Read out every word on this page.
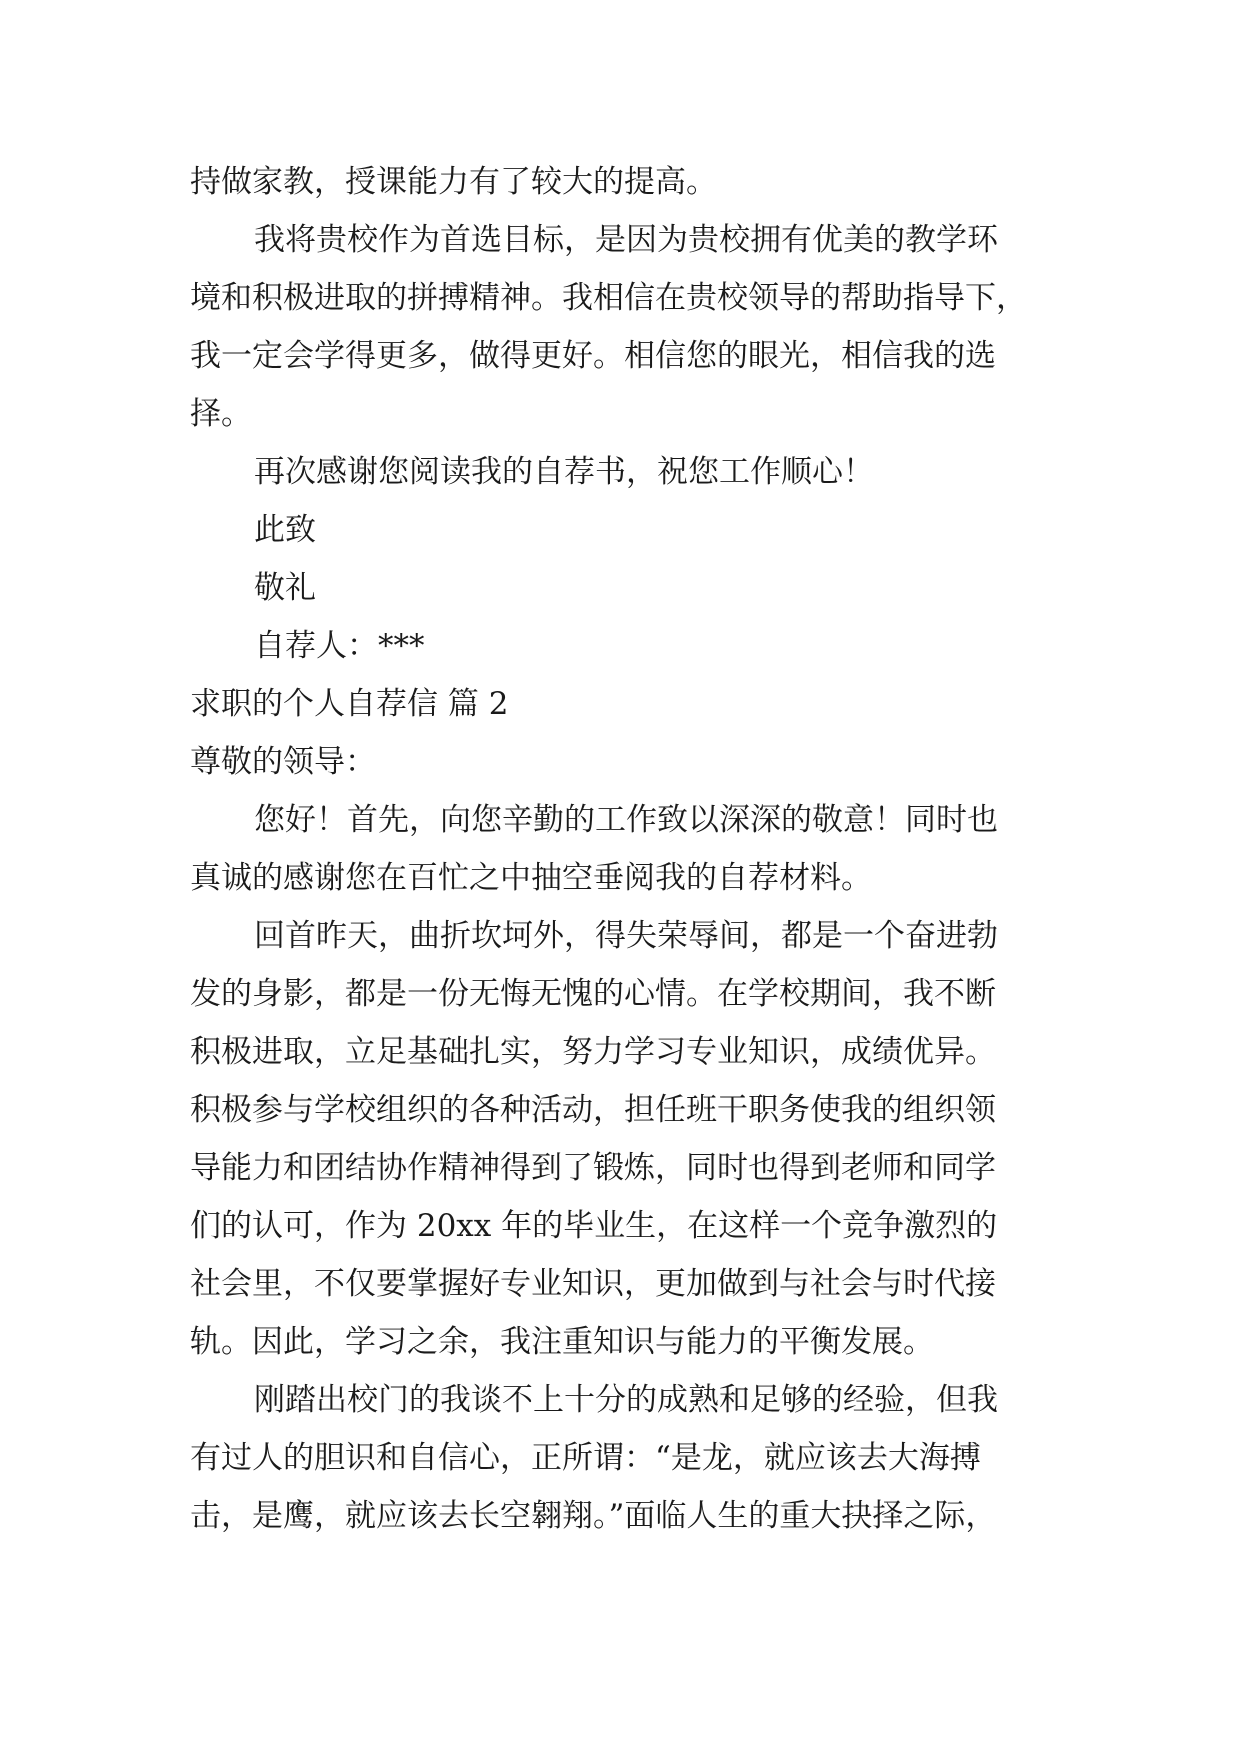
持做家教，授课能力有了较大的提高。
我将贵校作为首选目标，是因为贵校拥有优美的教学环
境和积极进取的拼搏精神。我相信在贵校领导的帮助指导下，
我一定会学得更多，做得更好。相信您的眼光，相信我的选
择。
再次感谢您阅读我的自荐书，祝您工作顺心！
此致
敬礼
自荐人：***
求职的个人自荐信 篇 2
尊敬的领导：
您好！首先，向您辛勤的工作致以深深的敬意！同时也
真诚的感谢您在百忙之中抽空垂阅我的自荐材料。
回首昨天，曲折坎坷外，得失荣辱间，都是一个奋进勃
发的身影，都是一份无悔无愧的心情。在学校期间，我不断
积极进取，立足基础扎实，努力学习专业知识，成绩优异。
积极参与学校组织的各种活动，担任班干职务使我的组织领
导能力和团结协作精神得到了锻炼，同时也得到老师和同学
们的认可，作为 20xx 年的毕业生，在这样一个竞争激烈的
社会里，不仅要掌握好专业知识，更加做到与社会与时代接
轨。因此，学习之余，我注重知识与能力的平衡发展。
刚踏出校门的我谈不上十分的成熟和足够的经验，但我
有过人的胆识和自信心，正所谓：“是龙，就应该去大海搏
击，是鹰，就应该去长空翱翔。”面临人生的重大抉择之际，
